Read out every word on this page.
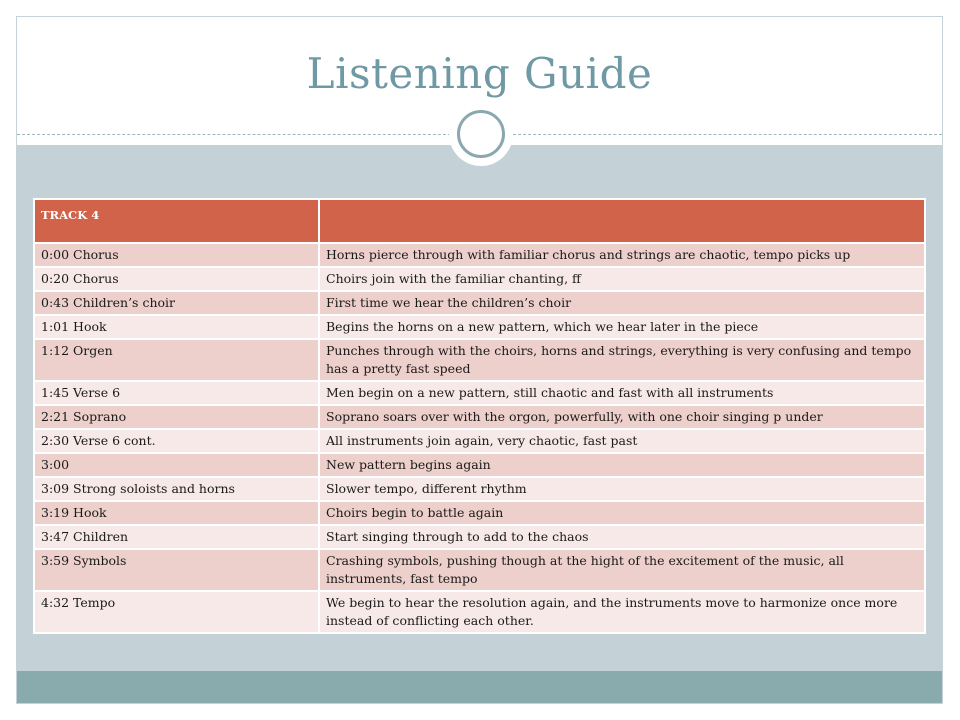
Listening Guide
TRACK 4	
0:00 Chorus	Horns pierce through with familiar chorus and strings are chaotic, tempo picks up
0:20 Chorus	Choirs join with the familiar chanting, ff
0:43 Children’s choir	First time we hear the children’s choir
1:01 Hook	Begins the horns on a new pattern, which we hear later in the piece
1:12 Orgen	Punches through with the choirs, horns and strings, everything is very confusing and tempo has a pretty fast speed
1:45 Verse 6	Men begin on a new pattern, still chaotic and fast with all instruments
2:21 Soprano	Soprano soars over with the orgon, powerfully, with one choir singing p under
2:30 Verse 6 cont.	All instruments join again, very chaotic, fast past
3:00	New pattern begins again
3:09 Strong soloists and horns	Slower tempo, different rhythm
3:19 Hook	Choirs begin to battle again
3:47 Children	Start singing through to add to the chaos
3:59 Symbols	Crashing symbols, pushing though at the hight of the excitement of the music, all instruments, fast tempo
4:32 Tempo	We begin to hear the resolution again, and the instruments move to harmonize once more instead of conflicting each other.
